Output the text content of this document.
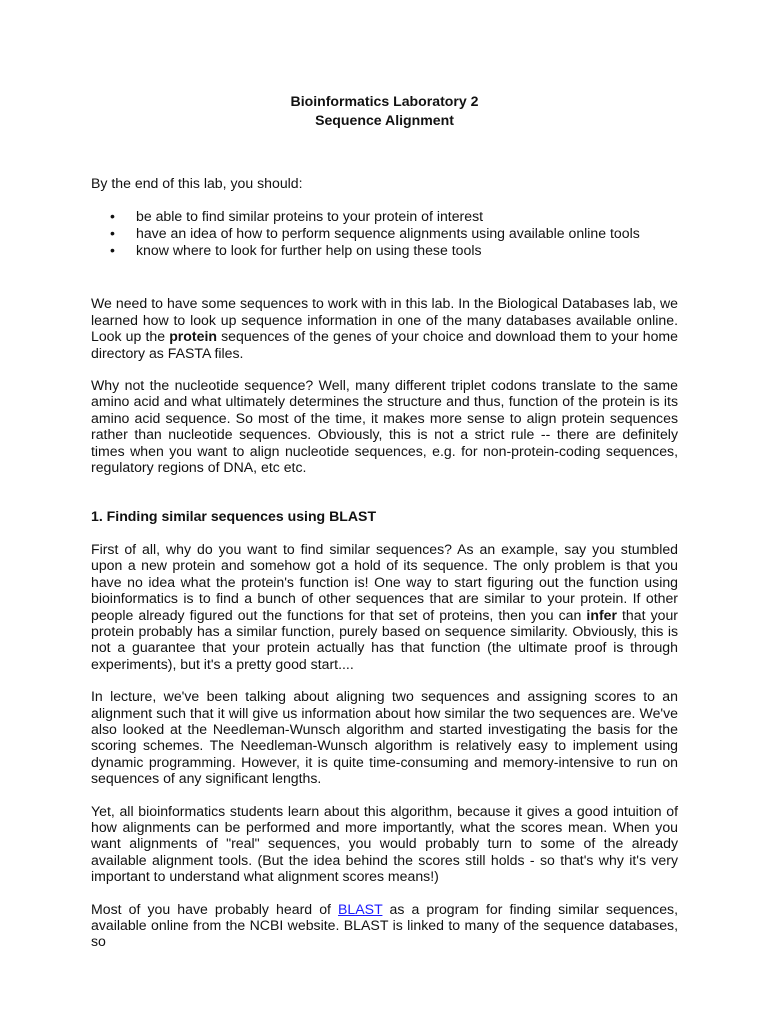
Bioinformatics Laboratory 2
Sequence Alignment
By the end of this lab, you should:
• be able to find similar proteins to your protein of interest
• have an idea of how to perform sequence alignments using available online tools
• know where to look for further help on using these tools

We need to have some sequences to work with in this lab. In the Biological Databases lab, we learned how to look up sequence information in one of the many databases available online. Look up the protein sequences of the genes of your choice and download them to your home directory as FASTA files.

Why not the nucleotide sequence? Well, many different triplet codons translate to the same amino acid and what ultimately determines the structure and thus, function of the protein is its amino acid sequence. So most of the time, it makes more sense to align protein sequences rather than nucleotide sequences. Obviously, this is not a strict rule -- there are definitely times when you want to align nucleotide sequences, e.g. for non-protein-coding sequences, regulatory regions of DNA, etc etc.

1. Finding similar sequences using BLAST

First of all, why do you want to find similar sequences? As an example, say you stumbled upon a new protein and somehow got a hold of its sequence. The only problem is that you have no idea what the protein's function is! One way to start figuring out the function using bioinformatics is to find a bunch of other sequences that are similar to your protein. If other people already figured out the functions for that set of proteins, then you can infer that your protein probably has a similar function, purely based on sequence similarity. Obviously, this is not a guarantee that your protein actually has that function (the ultimate proof is through experiments), but it's a pretty good start....

In lecture, we've been talking about aligning two sequences and assigning scores to an alignment such that it will give us information about how similar the two sequences are. We've also looked at the Needleman-Wunsch algorithm and started investigating the basis for the scoring schemes. The Needleman-Wunsch algorithm is relatively easy to implement using dynamic programming. However, it is quite time-consuming and memory-intensive to run on sequences of any significant lengths.

Yet, all bioinformatics students learn about this algorithm, because it gives a good intuition of how alignments can be performed and more importantly, what the scores mean. When you want alignments of "real" sequences, you would probably turn to some of the already available alignment tools. (But the idea behind the scores still holds - so that's why it's very important to understand what alignment scores means!)

Most of you have probably heard of BLAST as a program for finding similar sequences, available online from the NCBI website. BLAST is linked to many of the sequence databases, so
